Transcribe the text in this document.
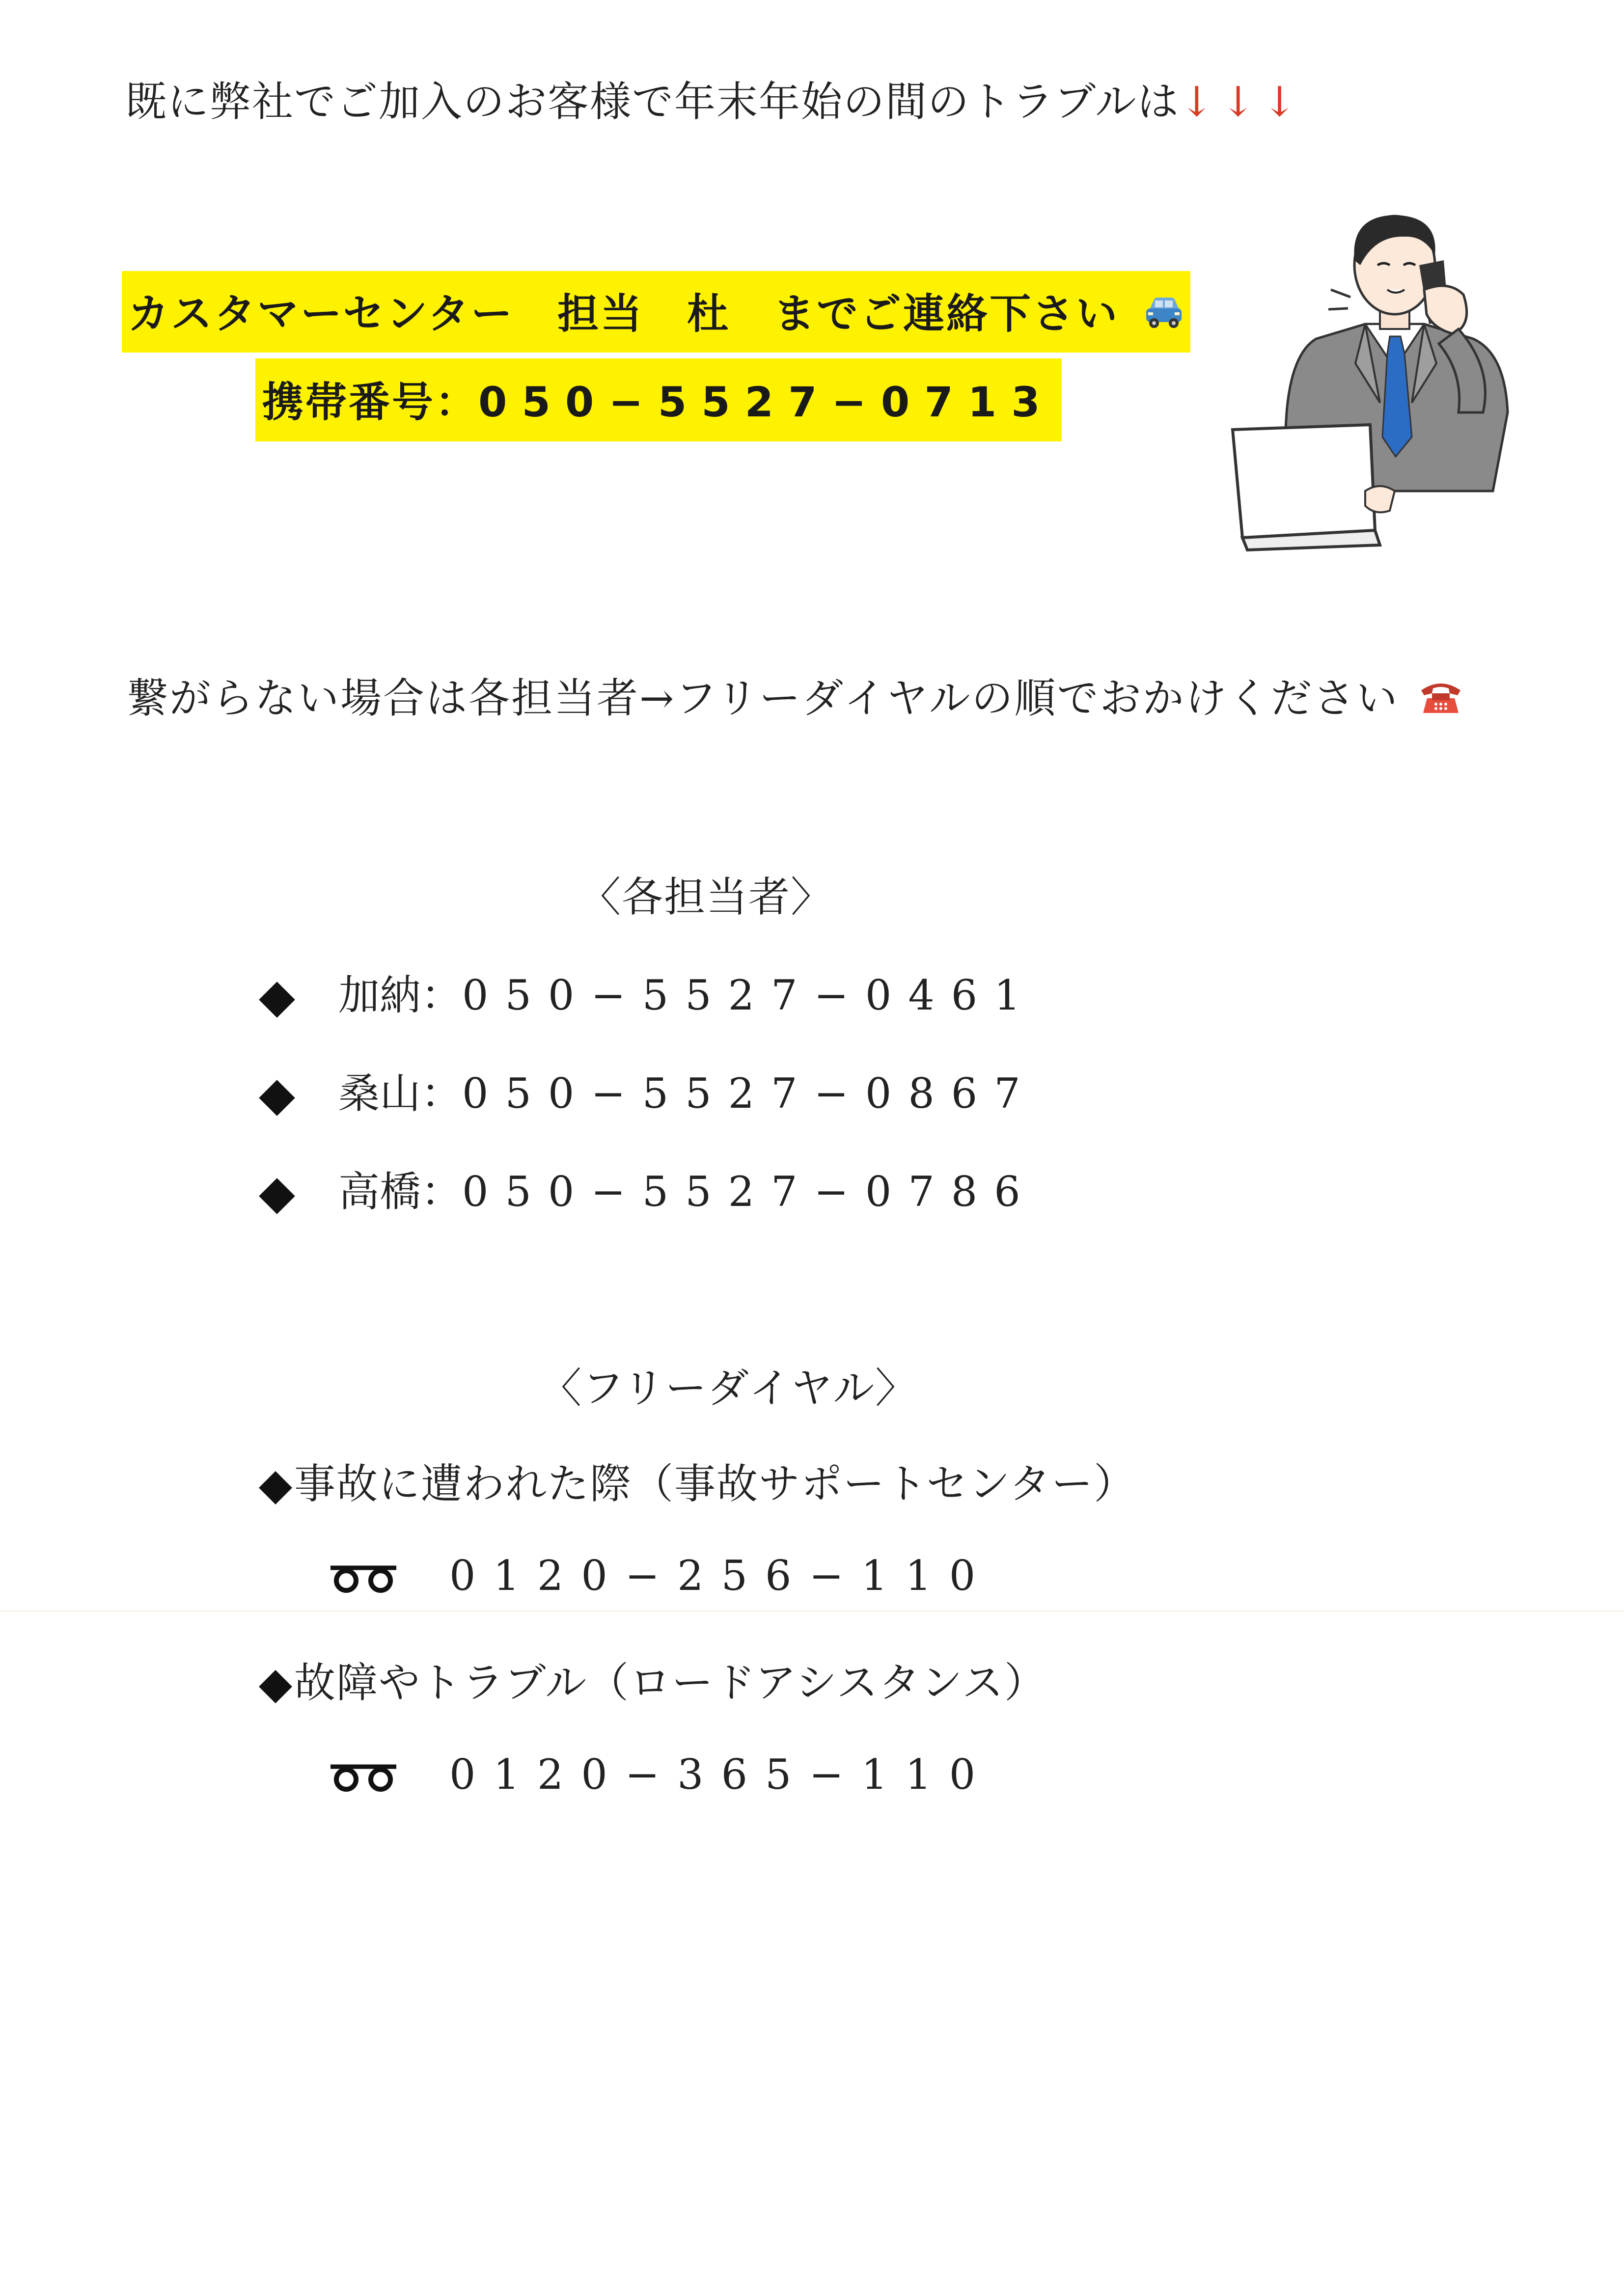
既に弊社でご加入のお客様で年末年始の間のトラブルは↓↓↓
カスタマーセンター　担当　杜　までご連絡下さい
携帯番号：050−5527−0713
繋がらない場合は各担当者→フリーダイヤルの順でおかけください
〈各担当者〉
加納：050−5527−0461
桑山：050−5527−0867
高橋：050−5527−0786
〈フリーダイヤル〉
事故に遭われた際（事故サポートセンター）
0120−256−110
故障やトラブル（ロードアシスタンス）
0120−365−110
